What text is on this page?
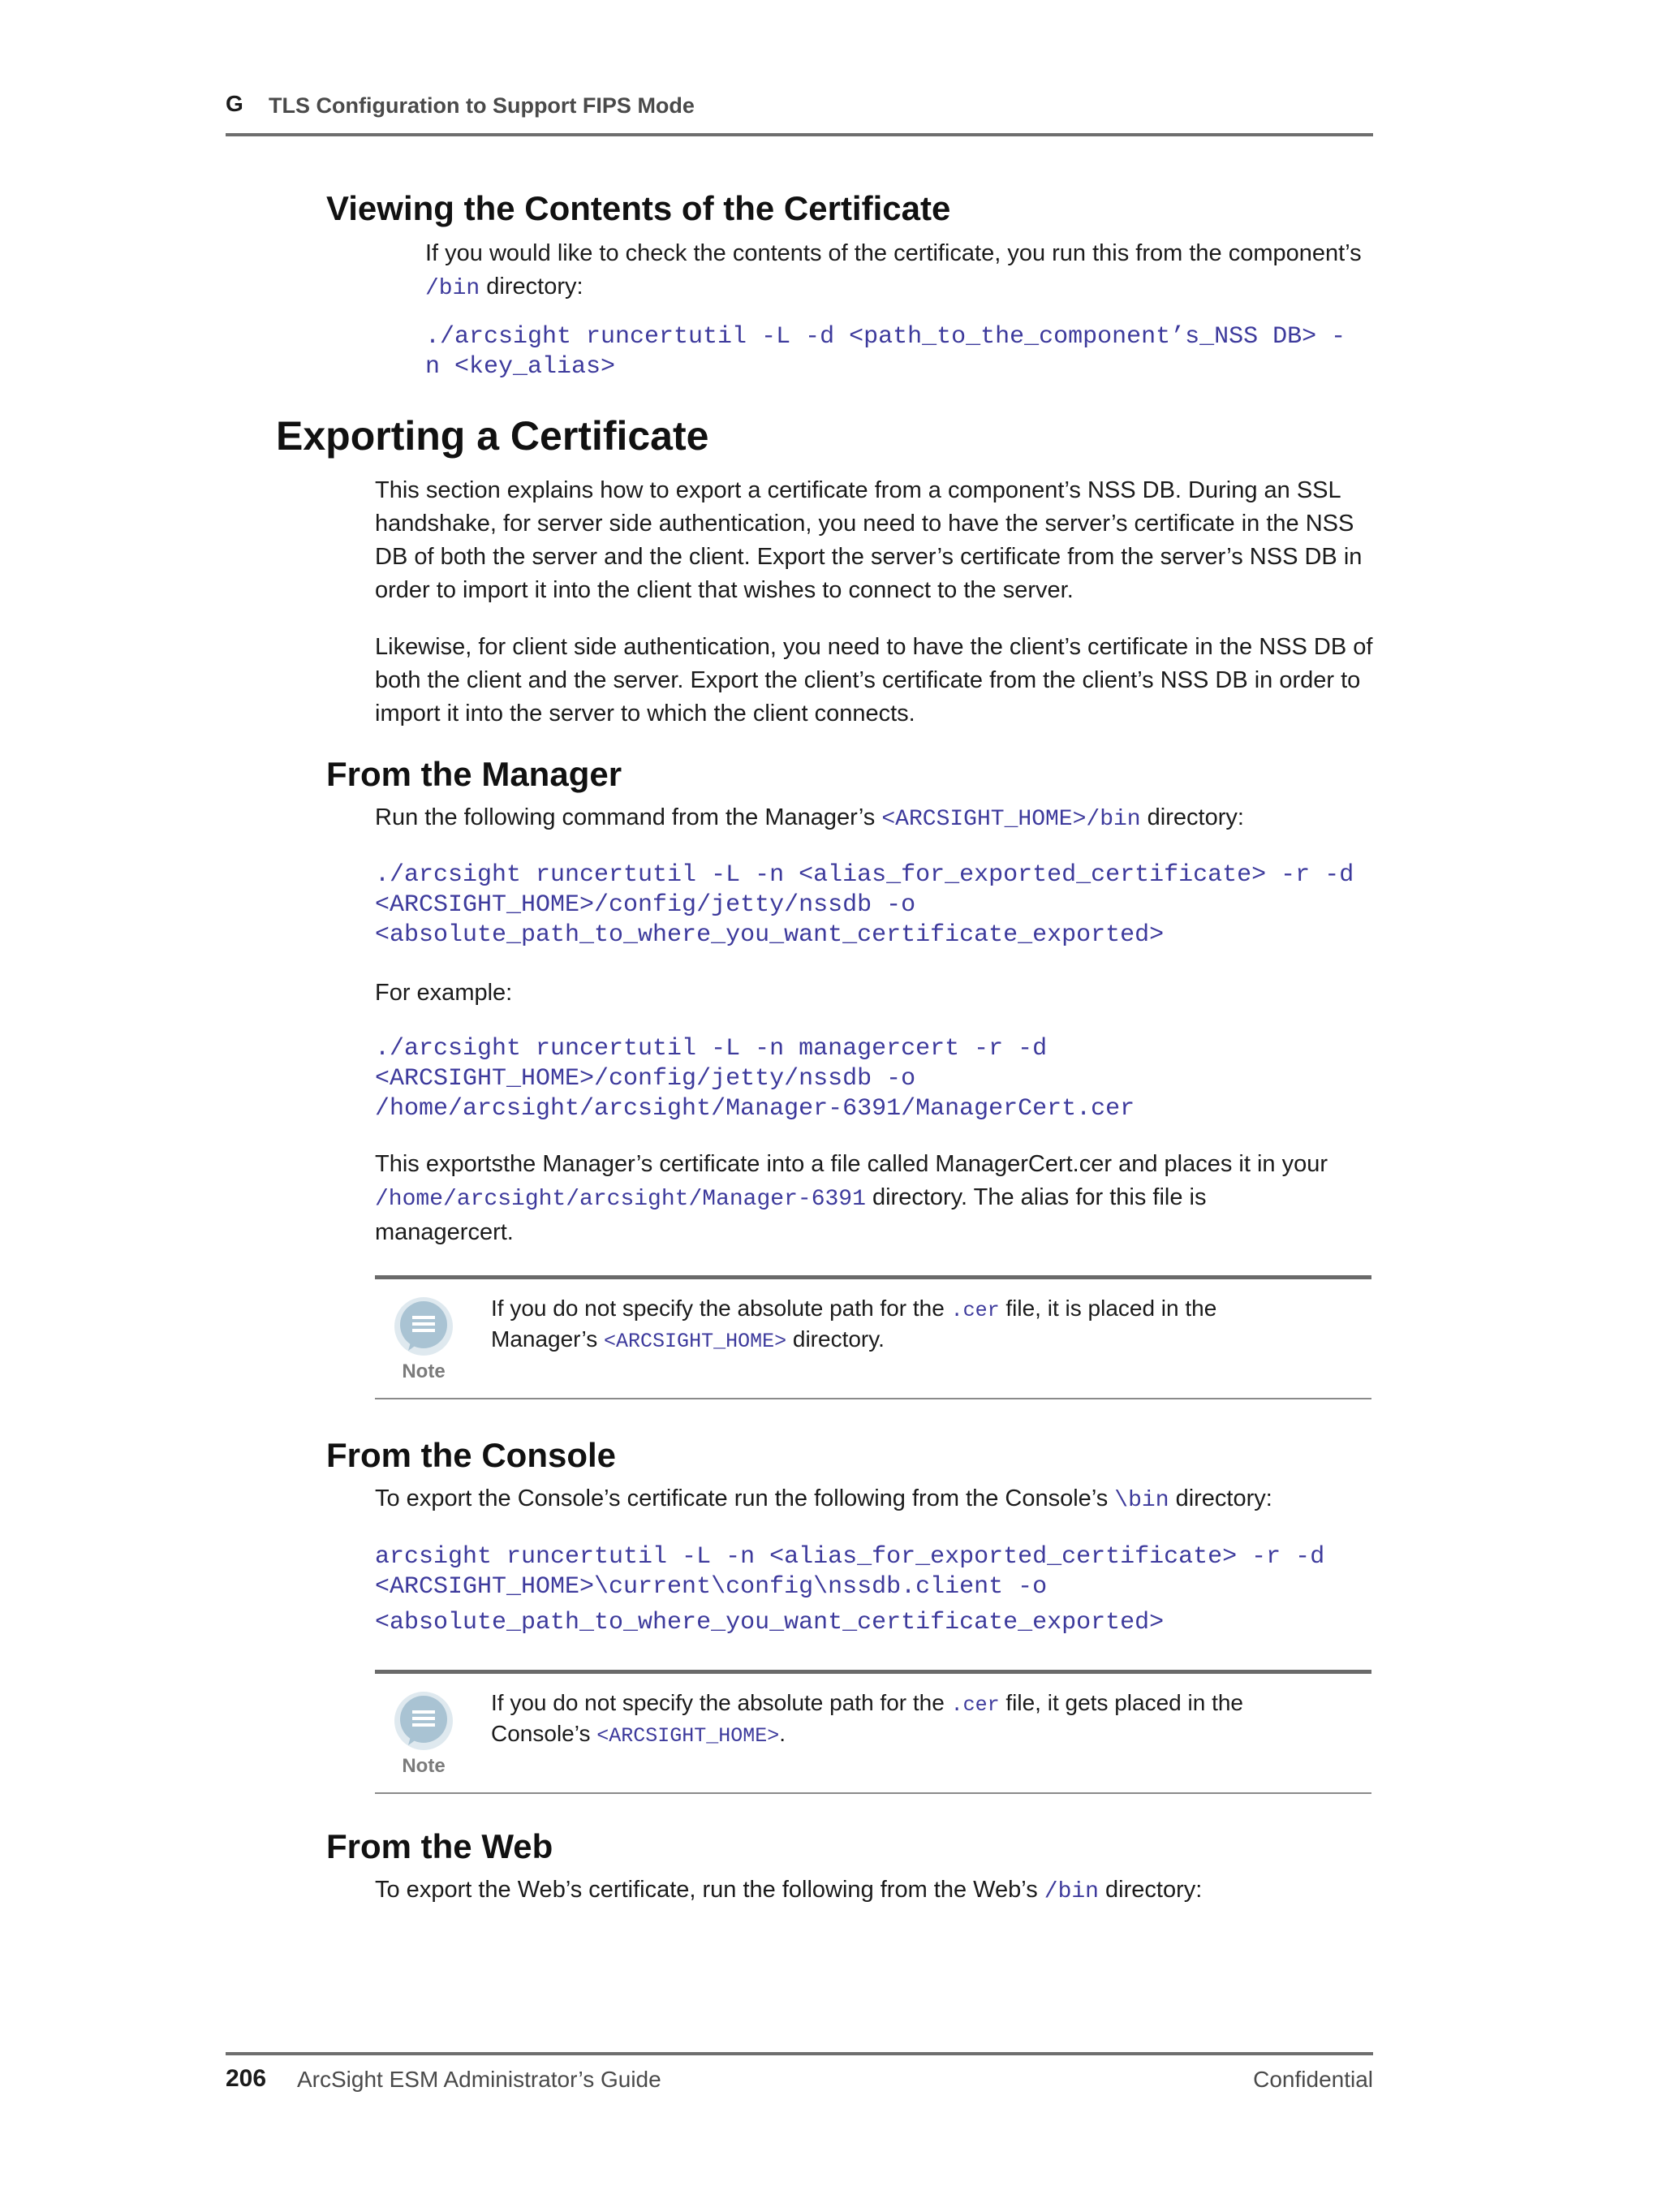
G TLS Configuration to Support FIPS Mode
Viewing the Contents of the Certificate

If you would like to check the contents of the certificate, you run this from the component’s /bin directory:

./arcsight runcertutil -L -d <path_to_the_component’s_NSS DB> -
n <key_alias>
Exporting a Certificate

This section explains how to export a certificate from a component’s NSS DB. During an SSL handshake, for server side authentication, you need to have the server’s certificate in the NSS DB of both the server and the client. Export the server’s certificate from the server’s NSS DB in order to import it into the client that wishes to connect to the server.

Likewise, for client side authentication, you need to have the client’s certificate in the NSS DB of both the client and the server. Export the client’s certificate from the client’s NSS DB in order to import it into the server to which the client connects.

From the Manager

Run the following command from the Manager’s <ARCSIGHT_HOME>/bin directory:

./arcsight runcertutil -L -n <alias_for_exported_certificate> -r -d
<ARCSIGHT_HOME>/config/jetty/nssdb -o
<absolute_path_to_where_you_want_certificate_exported>

For example:

./arcsight runcertutil -L -n managercert -r -d
<ARCSIGHT_HOME>/config/jetty/nssdb -o
/home/arcsight/arcsight/Manager-6391/ManagerCert.cer

This exportsthe Manager’s certificate into a file called ManagerCert.cer and places it in your

/home/arcsight/arcsight/Manager-6391 directory. The alias for this file is

managercert.

Note
If you do not specify the absolute path for the .cer file, it is placed in the
Manager’s <ARCSIGHT_HOME> directory.
From the Console

To export the Console’s certificate run the following from the Console’s \bin directory:

arcsight runcertutil -L -n <alias_for_exported_certificate> -r -d
<ARCSIGHT_HOME>\current\config\nssdb.client -o
<absolute_path_to_where_you_want_certificate_exported>
Note
If you do not specify the absolute path for the .cer file, it gets placed in the
Console’s <ARCSIGHT_HOME>.
From the Web

To export the Web’s certificate, run the following from the Web’s /bin directory:

206 ArcSight ESM Administrator’s Guide	Confidential
